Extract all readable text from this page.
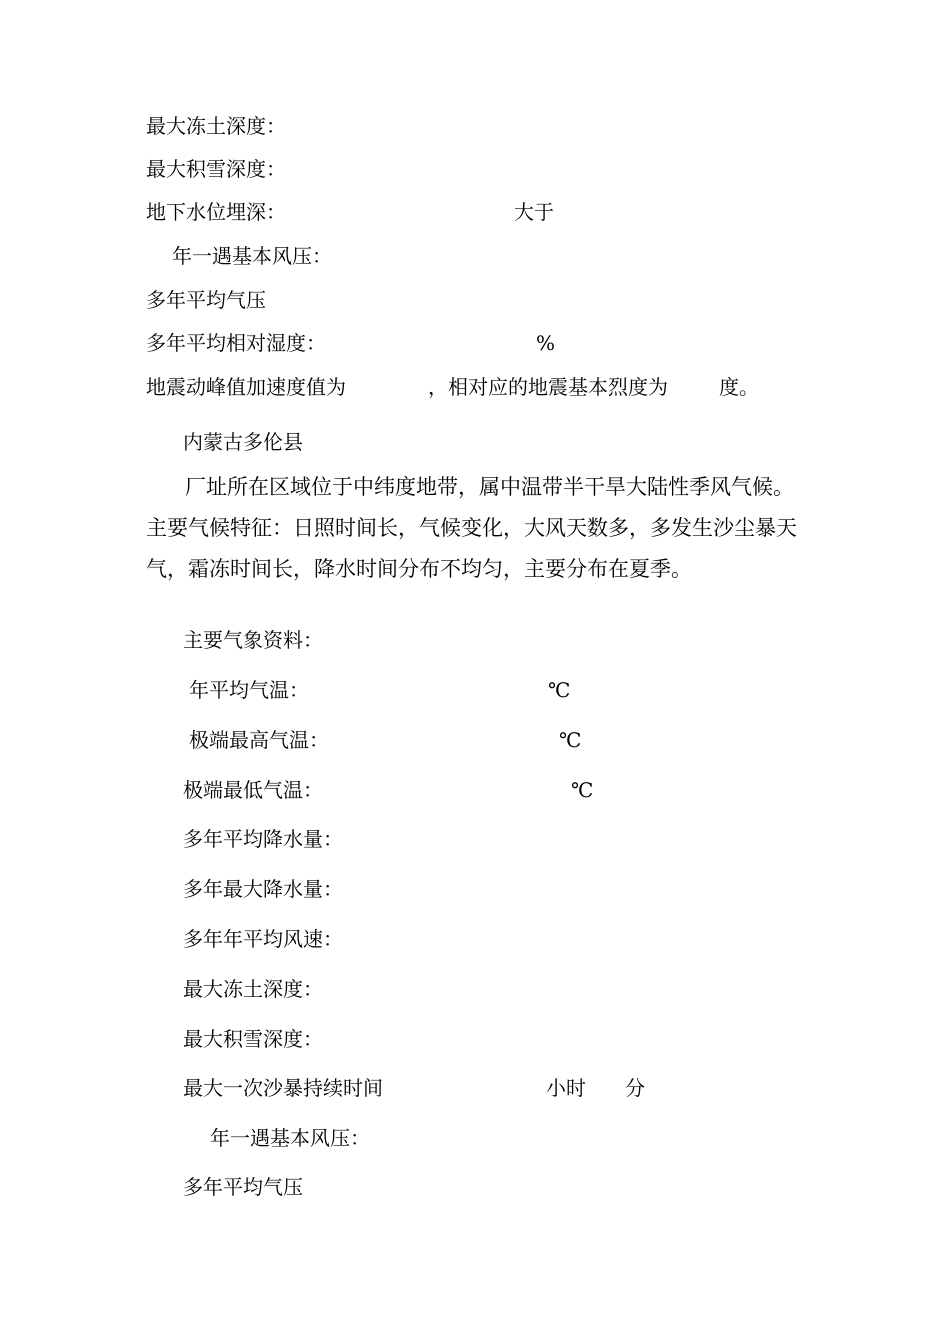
最大冻土深度：
最大积雪深度：
地下水位埋深：	大于
年一遇基本风压：
多年平均气压
多年平均相对湿度：	%
地震动峰值加速度值为	，相对应的地震基本烈度为	度。
内蒙古多伦县
厂址所在区域位于中纬度地带，属中温带半干旱大陆性季风气候。主要气候特征：日照时间长，气候变化，大风天数多，多发生沙尘暴天气，霜冻时间长，降水时间分布不均匀，主要分布在夏季。
主要气象资料：
年平均气温：	℃
极端最高气温：	℃
极端最低气温：	℃
多年平均降水量：
多年最大降水量：
多年年平均风速：
最大冻土深度：
最大积雪深度：
最大一次沙暴持续时间	小时 分
年一遇基本风压：
多年平均气压
